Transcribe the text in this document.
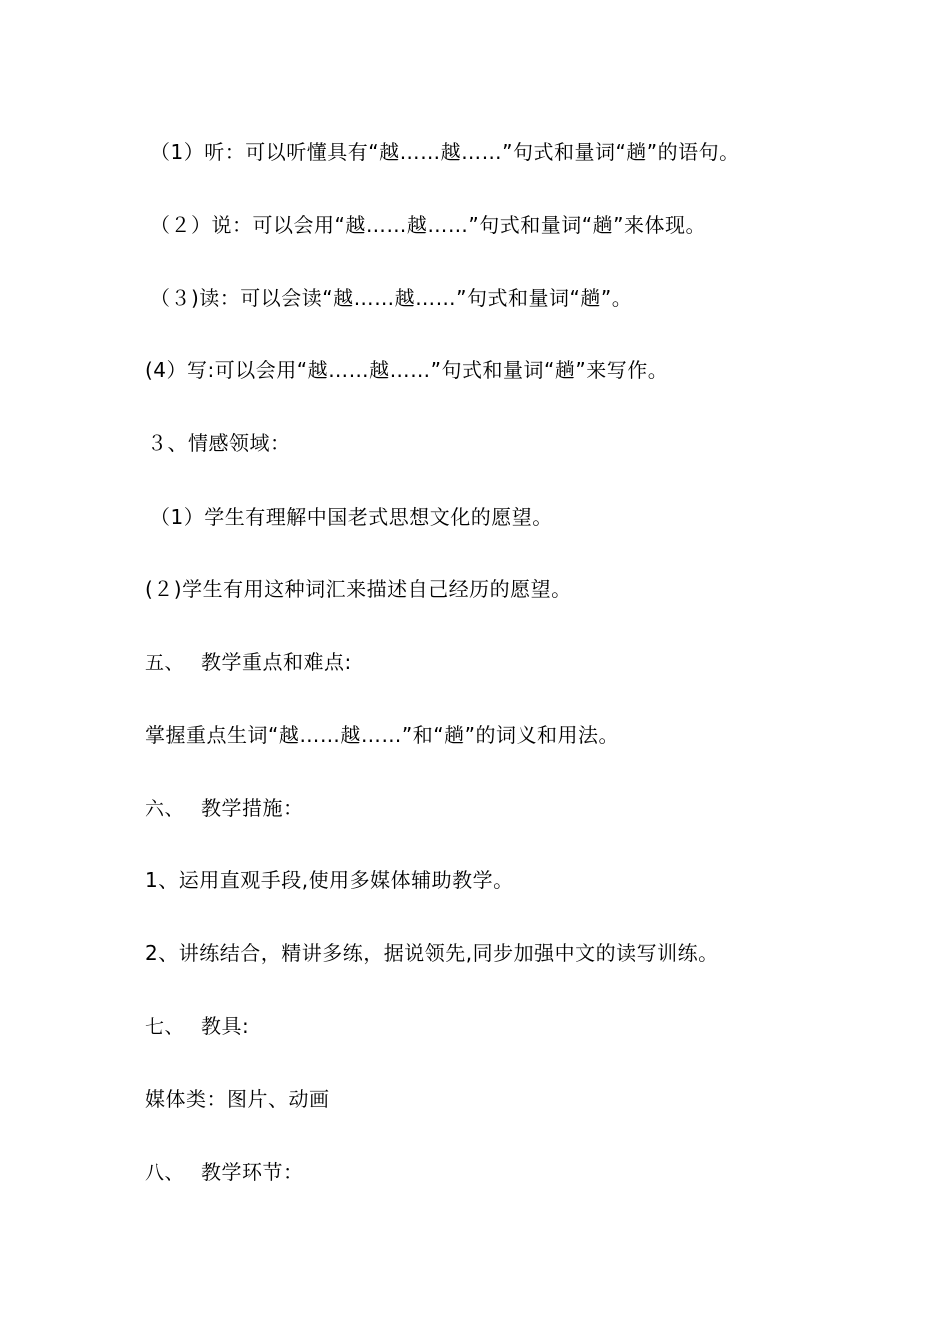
（1）听：可以听懂具有“越……越……”句式和量词“趟”的语句。
（２）说：可以会用“越……越……”句式和量词“趟”来体现。
（３)读：可以会读“越……越……”句式和量词“趟”。
(4）写:可以会用“越……越……”句式和量词“趟”来写作。
３、情感领域：
（1）学生有理解中国老式思想文化的愿望。
(２)学生有用这种词汇来描述自己经历的愿望。
五、 教学重点和难点:
掌握重点生词“越……越……”和“趟”的词义和用法。
六、 教学措施：
1、运用直观手段,使用多媒体辅助教学。
2、讲练结合，精讲多练，据说领先,同步加强中文的读写训练。
七、 教具:
媒体类：图片、动画
八、 教学环节：
